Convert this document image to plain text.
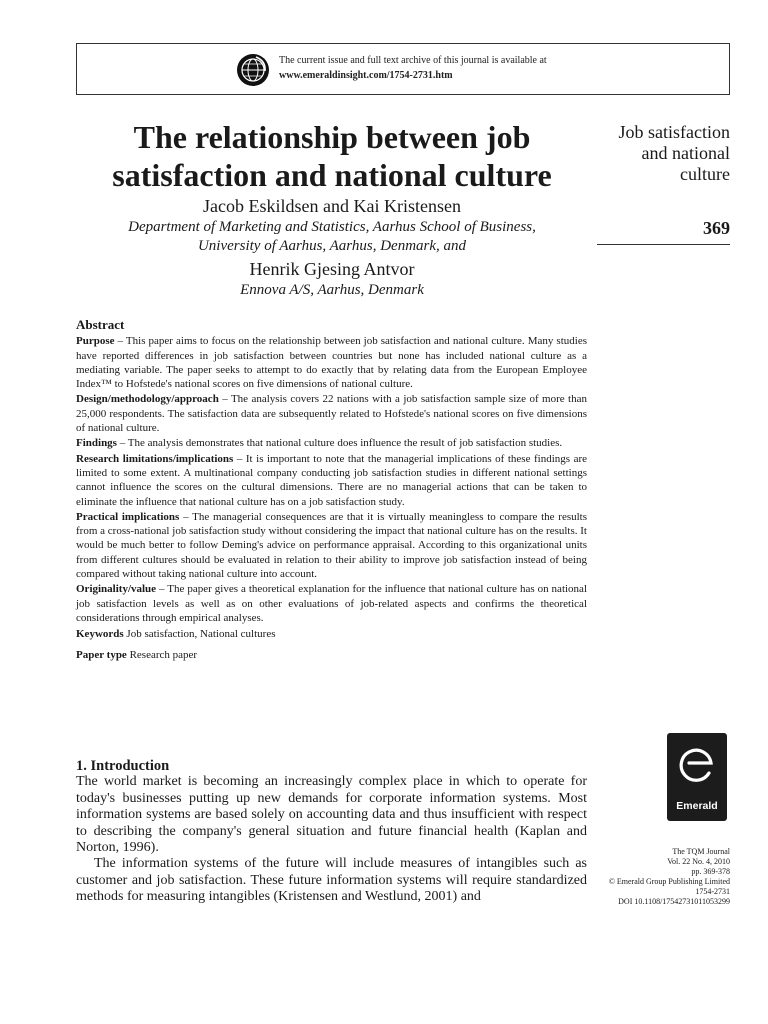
The current issue and full text archive of this journal is available at
www.emeraldinsight.com/1754-2731.htm
The relationship between job satisfaction and national culture
Jacob Eskildsen and Kai Kristensen
Department of Marketing and Statistics, Aarhus School of Business,
University of Aarhus, Aarhus, Denmark, and
Henrik Gjesing Antvor
Ennova A/S, Aarhus, Denmark
Job satisfaction
and national
culture
369
Abstract

Purpose – This paper aims to focus on the relationship between job satisfaction and national culture. Many studies have reported differences in job satisfaction between countries but none has included national culture as a mediating variable. The paper seeks to attempt to do exactly that by relating data from the European Employee Index™ to Hofstede's national scores on five dimensions of national culture.

Design/methodology/approach – The analysis covers 22 nations with a job satisfaction sample size of more than 25,000 respondents. The satisfaction data are subsequently related to Hofstede's national scores on five dimensions of national culture.

Findings – The analysis demonstrates that national culture does influence the result of job satisfaction studies.

Research limitations/implications – It is important to note that the managerial implications of these findings are limited to some extent. A multinational company conducting job satisfaction studies in different national settings cannot influence the scores on the cultural dimensions. There are no managerial actions that can be taken to eliminate the influence that national culture has on a job satisfaction study.

Practical implications – The managerial consequences are that it is virtually meaningless to compare the results from a cross-national job satisfaction study without considering the impact that national culture has on the results. It would be much better to follow Deming's advice on performance appraisal. According to this organizational units from different cultures should be evaluated in relation to their ability to improve job satisfaction instead of being compared without taking national culture into account.

Originality/value – The paper gives a theoretical explanation for the influence that national culture has on national job satisfaction levels as well as on other evaluations of job-related aspects and confirms the theoretical considerations through empirical analyses.

Keywords Job satisfaction, National cultures

Paper type Research paper

1. Introduction

The world market is becoming an increasingly complex place in which to operate for today's businesses putting up new demands for corporate information systems. Most information systems are based solely on accounting data and thus insufficient with respect to describing the company's general situation and future financial health (Kaplan and Norton, 1996).

The information systems of the future will include measures of intangibles such as customer and job satisfaction. These future information systems will require standardized methods for measuring intangibles (Kristensen and Westlund, 2001) and

Emerald
The TQM Journal
Vol. 22 No. 4, 2010
pp. 369-378
© Emerald Group Publishing Limited
1754-2731
DOI 10.1108/17542731011053299
